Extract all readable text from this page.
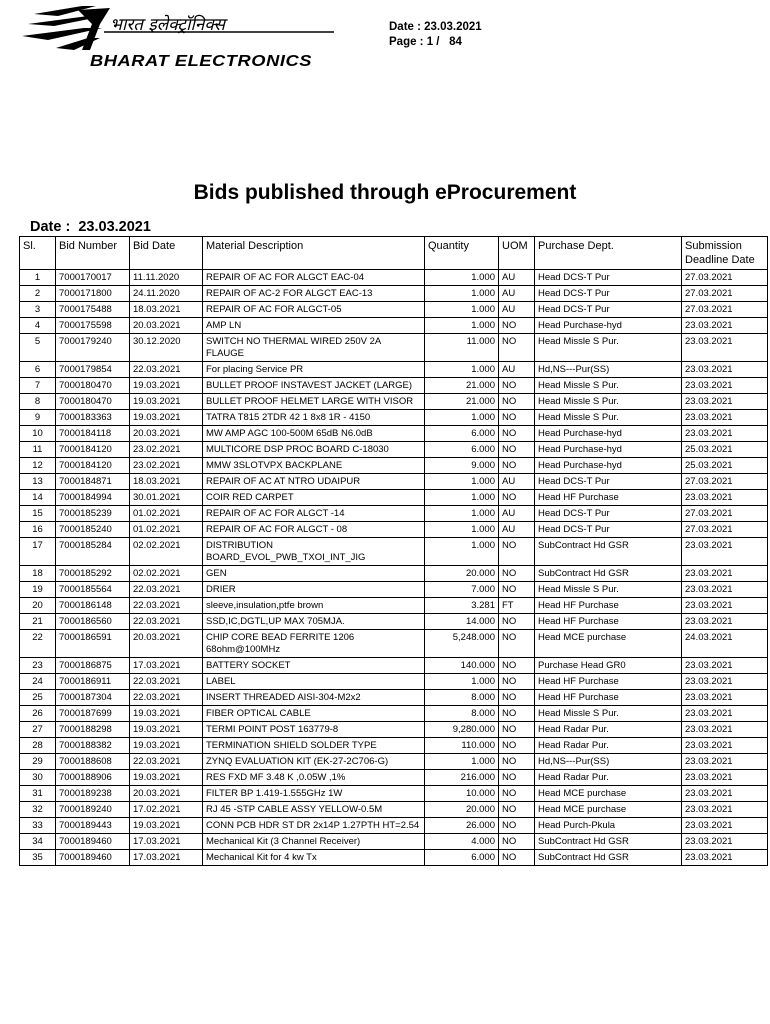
भारत इलेक्ट्रॉनिक्स
BHARAT ELECTRONICS
Date : 23.03.2021
Page : 1 /   84
Bids published through eProcurement
Date :  23.03.2021
Sl.	Bid Number	Bid Date	Material Description	Quantity	UOM	Purchase Dept.	Submission Deadline Date
1	7000170017	11.11.2020	REPAIR OF AC FOR ALGCT EAC-04	1.000	AU	Head DCS-T Pur	27.03.2021
2	7000171800	24.11.2020	REPAIR OF AC-2 FOR ALGCT EAC-13	1.000	AU	Head DCS-T Pur	27.03.2021
3	7000175488	18.03.2021	REPAIR OF AC FOR ALGCT-05	1.000	AU	Head DCS-T Pur	27.03.2021
4	7000175598	20.03.2021	AMP LN	1.000	NO	Head Purchase-hyd	23.03.2021
5	7000179240	30.12.2020	SWITCH NO THERMAL WIRED 250V 2A FLAUGE	11.000	NO	Head Missle S Pur.	23.03.2021
6	7000179854	22.03.2021	For placing Service PR	1.000	AU	Hd,NS---Pur(SS)	23.03.2021
7	7000180470	19.03.2021	BULLET PROOF INSTAVEST JACKET (LARGE)	21.000	NO	Head Missle S Pur.	23.03.2021
8	7000180470	19.03.2021	BULLET PROOF HELMET LARGE WITH VISOR	21.000	NO	Head Missle S Pur.	23.03.2021
9	7000183363	19.03.2021	TATRA T815 2TDR 42 1 8x8 1R - 4150	1.000	NO	Head Missle S Pur.	23.03.2021
10	7000184118	20.03.2021	MW AMP AGC 100-500M 65dB N6.0dB	6.000	NO	Head Purchase-hyd	23.03.2021
11	7000184120	23.02.2021	MULTICORE DSP PROC BOARD C-18030	6.000	NO	Head Purchase-hyd	25.03.2021
12	7000184120	23.02.2021	MMW 3SLOTVPX BACKPLANE	9.000	NO	Head Purchase-hyd	25.03.2021
13	7000184871	18.03.2021	REPAIR OF AC AT NTRO UDAIPUR	1.000	AU	Head DCS-T Pur	27.03.2021
14	7000184994	30.01.2021	COIR RED CARPET	1.000	NO	Head HF Purchase	23.03.2021
15	7000185239	01.02.2021	REPAIR OF AC FOR ALGCT -14	1.000	AU	Head DCS-T Pur	27.03.2021
16	7000185240	01.02.2021	REPAIR OF AC FOR ALGCT - 08	1.000	AU	Head DCS-T Pur	27.03.2021
17	7000185284	02.02.2021	DISTRIBUTION BOARD_EVOL_PWB_TXOI_INT_JIG	1.000	NO	SubContract Hd GSR	23.03.2021
18	7000185292	02.02.2021	GEN	20.000	NO	SubContract Hd GSR	23.03.2021
19	7000185564	22.03.2021	DRIER	7.000	NO	Head Missle S Pur.	23.03.2021
20	7000186148	22.03.2021	sleeve,insulation,ptfe brown	3.281	FT	Head HF Purchase	23.03.2021
21	7000186560	22.03.2021	SSD,IC,DGTL,UP MAX 705MJA.	14.000	NO	Head HF Purchase	23.03.2021
22	7000186591	20.03.2021	CHIP CORE BEAD FERRITE 1206 68ohm@100MHz	5,248.000	NO	Head MCE purchase	24.03.2021
23	7000186875	17.03.2021	BATTERY SOCKET	140.000	NO	Purchase Head GR0	23.03.2021
24	7000186911	22.03.2021	LABEL	1.000	NO	Head HF Purchase	23.03.2021
25	7000187304	22.03.2021	INSERT THREADED AISI-304-M2x2	8.000	NO	Head HF Purchase	23.03.2021
26	7000187699	19.03.2021	FIBER OPTICAL CABLE	8.000	NO	Head Missle S Pur.	23.03.2021
27	7000188298	19.03.2021	TERMI POINT POST 163779-8	9,280.000	NO	Head Radar Pur.	23.03.2021
28	7000188382	19.03.2021	TERMINATION SHIELD SOLDER TYPE	110.000	NO	Head Radar Pur.	23.03.2021
29	7000188608	22.03.2021	ZYNQ EVALUATION KIT (EK-27-2C706-G)	1.000	NO	Hd,NS---Pur(SS)	23.03.2021
30	7000188906	19.03.2021	RES FXD MF 3.48 K ,0.05W ,1%	216.000	NO	Head Radar Pur.	23.03.2021
31	7000189238	20.03.2021	FILTER BP 1.419-1.555GHz 1W	10.000	NO	Head MCE purchase	23.03.2021
32	7000189240	17.02.2021	RJ 45 -STP CABLE ASSY YELLOW-0.5M	20.000	NO	Head MCE purchase	23.03.2021
33	7000189443	19.03.2021	CONN PCB HDR ST DR 2x14P 1.27PTH HT=2.54	26.000	NO	Head Purch-Pkula	23.03.2021
34	7000189460	17.03.2021	Mechanical Kit (3 Channel Receiver)	4.000	NO	SubContract Hd GSR	23.03.2021
35	7000189460	17.03.2021	Mechanical Kit for 4 kw Tx	6.000	NO	SubContract Hd GSR	23.03.2021
